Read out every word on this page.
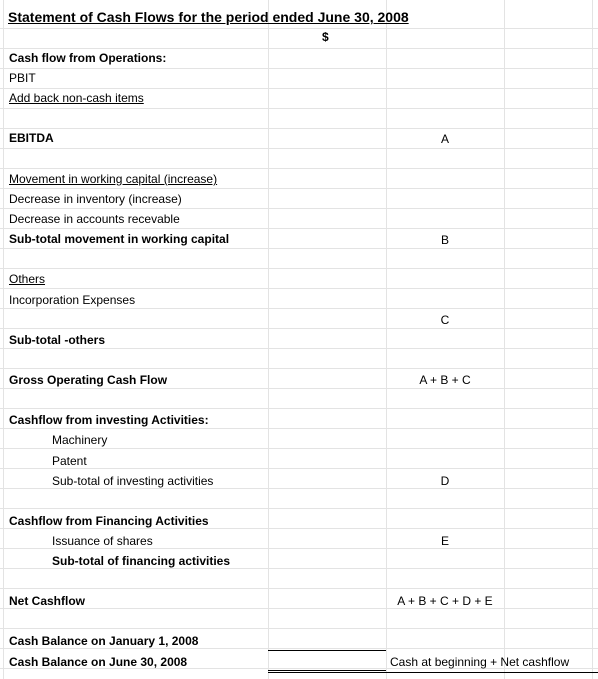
Statement of Cash Flows for the period ended June 30, 2008
$
Cash flow from Operations:
PBIT
Add back non-cash items
EBITDA
Movement in working capital (increase)
Decrease in inventory (increase)
Decrease in accounts recevable
Sub-total movement in working capital
Others
Incorporation Expenses
Sub-total -others
Gross Operating Cash Flow
Cashflow from investing Activities:
Machinery
Patent
Sub-total of investing activities
Cashflow from Financing Activities
Issuance of shares
Sub-total of financing activities
Net Cashflow
Cash Balance on January 1, 2008
Cash Balance on June 30, 2008
A
B
C
A + B + C
D
E
A + B + C + D + E
Cash at beginning + Net cashflow
